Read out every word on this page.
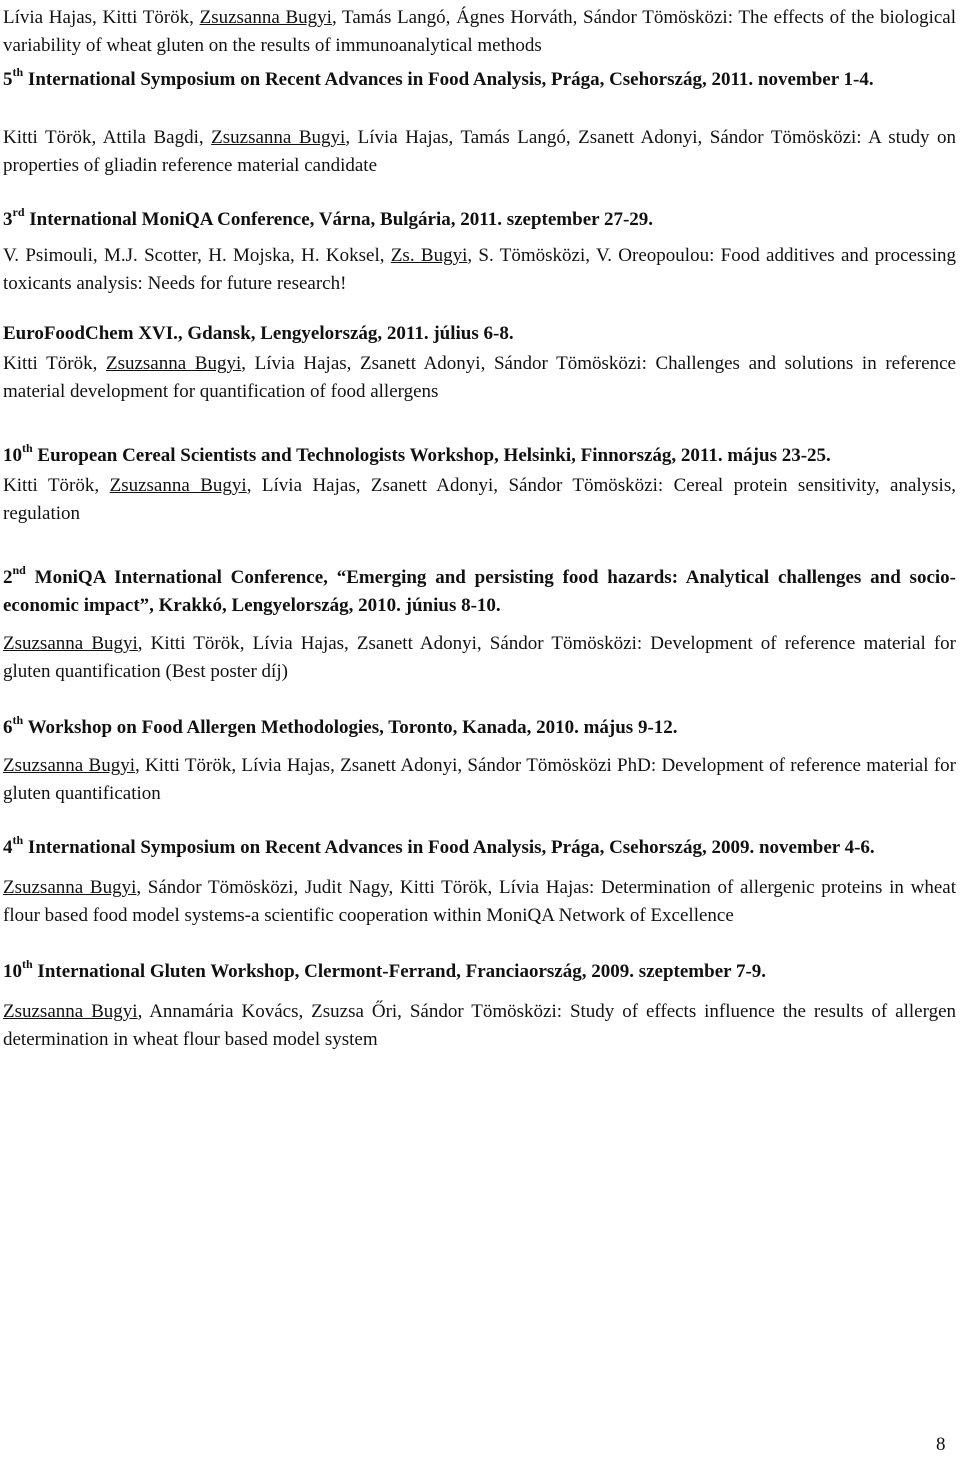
Lívia Hajas, Kitti Török, Zsuzsanna Bugyi, Tamás Langó, Ágnes Horváth, Sándor Tömösközi: The effects of the biological variability of wheat gluten on the results of immunoanalytical methods

5th International Symposium on Recent Advances in Food Analysis, Prága, Csehország, 2011. november 1-4.

Kitti Török, Attila Bagdi, Zsuzsanna Bugyi, Lívia Hajas, Tamás Langó, Zsanett Adonyi, Sándor Tömösközi: A study on properties of gliadin reference material candidate

3rd International MoniQA Conference, Várna, Bulgária, 2011. szeptember 27-29.

V. Psimouli, M.J. Scotter, H. Mojska, H. Koksel, Zs. Bugyi, S. Tömösközi, V. Oreopoulou: Food additives and processing toxicants analysis: Needs for future research!

EuroFoodChem XVI., Gdansk, Lengyelország, 2011. július 6-8.

Kitti Török, Zsuzsanna Bugyi, Lívia Hajas, Zsanett Adonyi, Sándor Tömösközi: Challenges and solutions in reference material development for quantification of food allergens

10th European Cereal Scientists and Technologists Workshop, Helsinki, Finnország, 2011. május 23-25.

Kitti Török, Zsuzsanna Bugyi, Lívia Hajas, Zsanett Adonyi, Sándor Tömösközi: Cereal protein sensitivity, analysis, regulation

2nd MoniQA International Conference, “Emerging and persisting food hazards: Analytical challenges and socio-economic impact”, Krakkó, Lengyelország, 2010. június 8-10.

Zsuzsanna Bugyi, Kitti Török, Lívia Hajas, Zsanett Adonyi, Sándor Tömösközi: Development of reference material for gluten quantification (Best poster díj)

6th Workshop on Food Allergen Methodologies, Toronto, Kanada, 2010. május 9-12.

Zsuzsanna Bugyi, Kitti Török, Lívia Hajas, Zsanett Adonyi, Sándor Tömösközi PhD: Development of reference material for gluten quantification

4th International Symposium on Recent Advances in Food Analysis, Prága, Csehország, 2009. november 4-6.

Zsuzsanna Bugyi, Sándor Tömösközi, Judit Nagy, Kitti Török, Lívia Hajas: Determination of allergenic proteins in wheat flour based food model systems-a scientific cooperation within MoniQA Network of Excellence

10th International Gluten Workshop, Clermont-Ferrand, Franciaország, 2009. szeptember 7-9.

Zsuzsanna Bugyi, Annamária Kovács, Zsuzsa Őri, Sándor Tömösközi: Study of effects influence the results of allergen determination in wheat flour based model system

8
